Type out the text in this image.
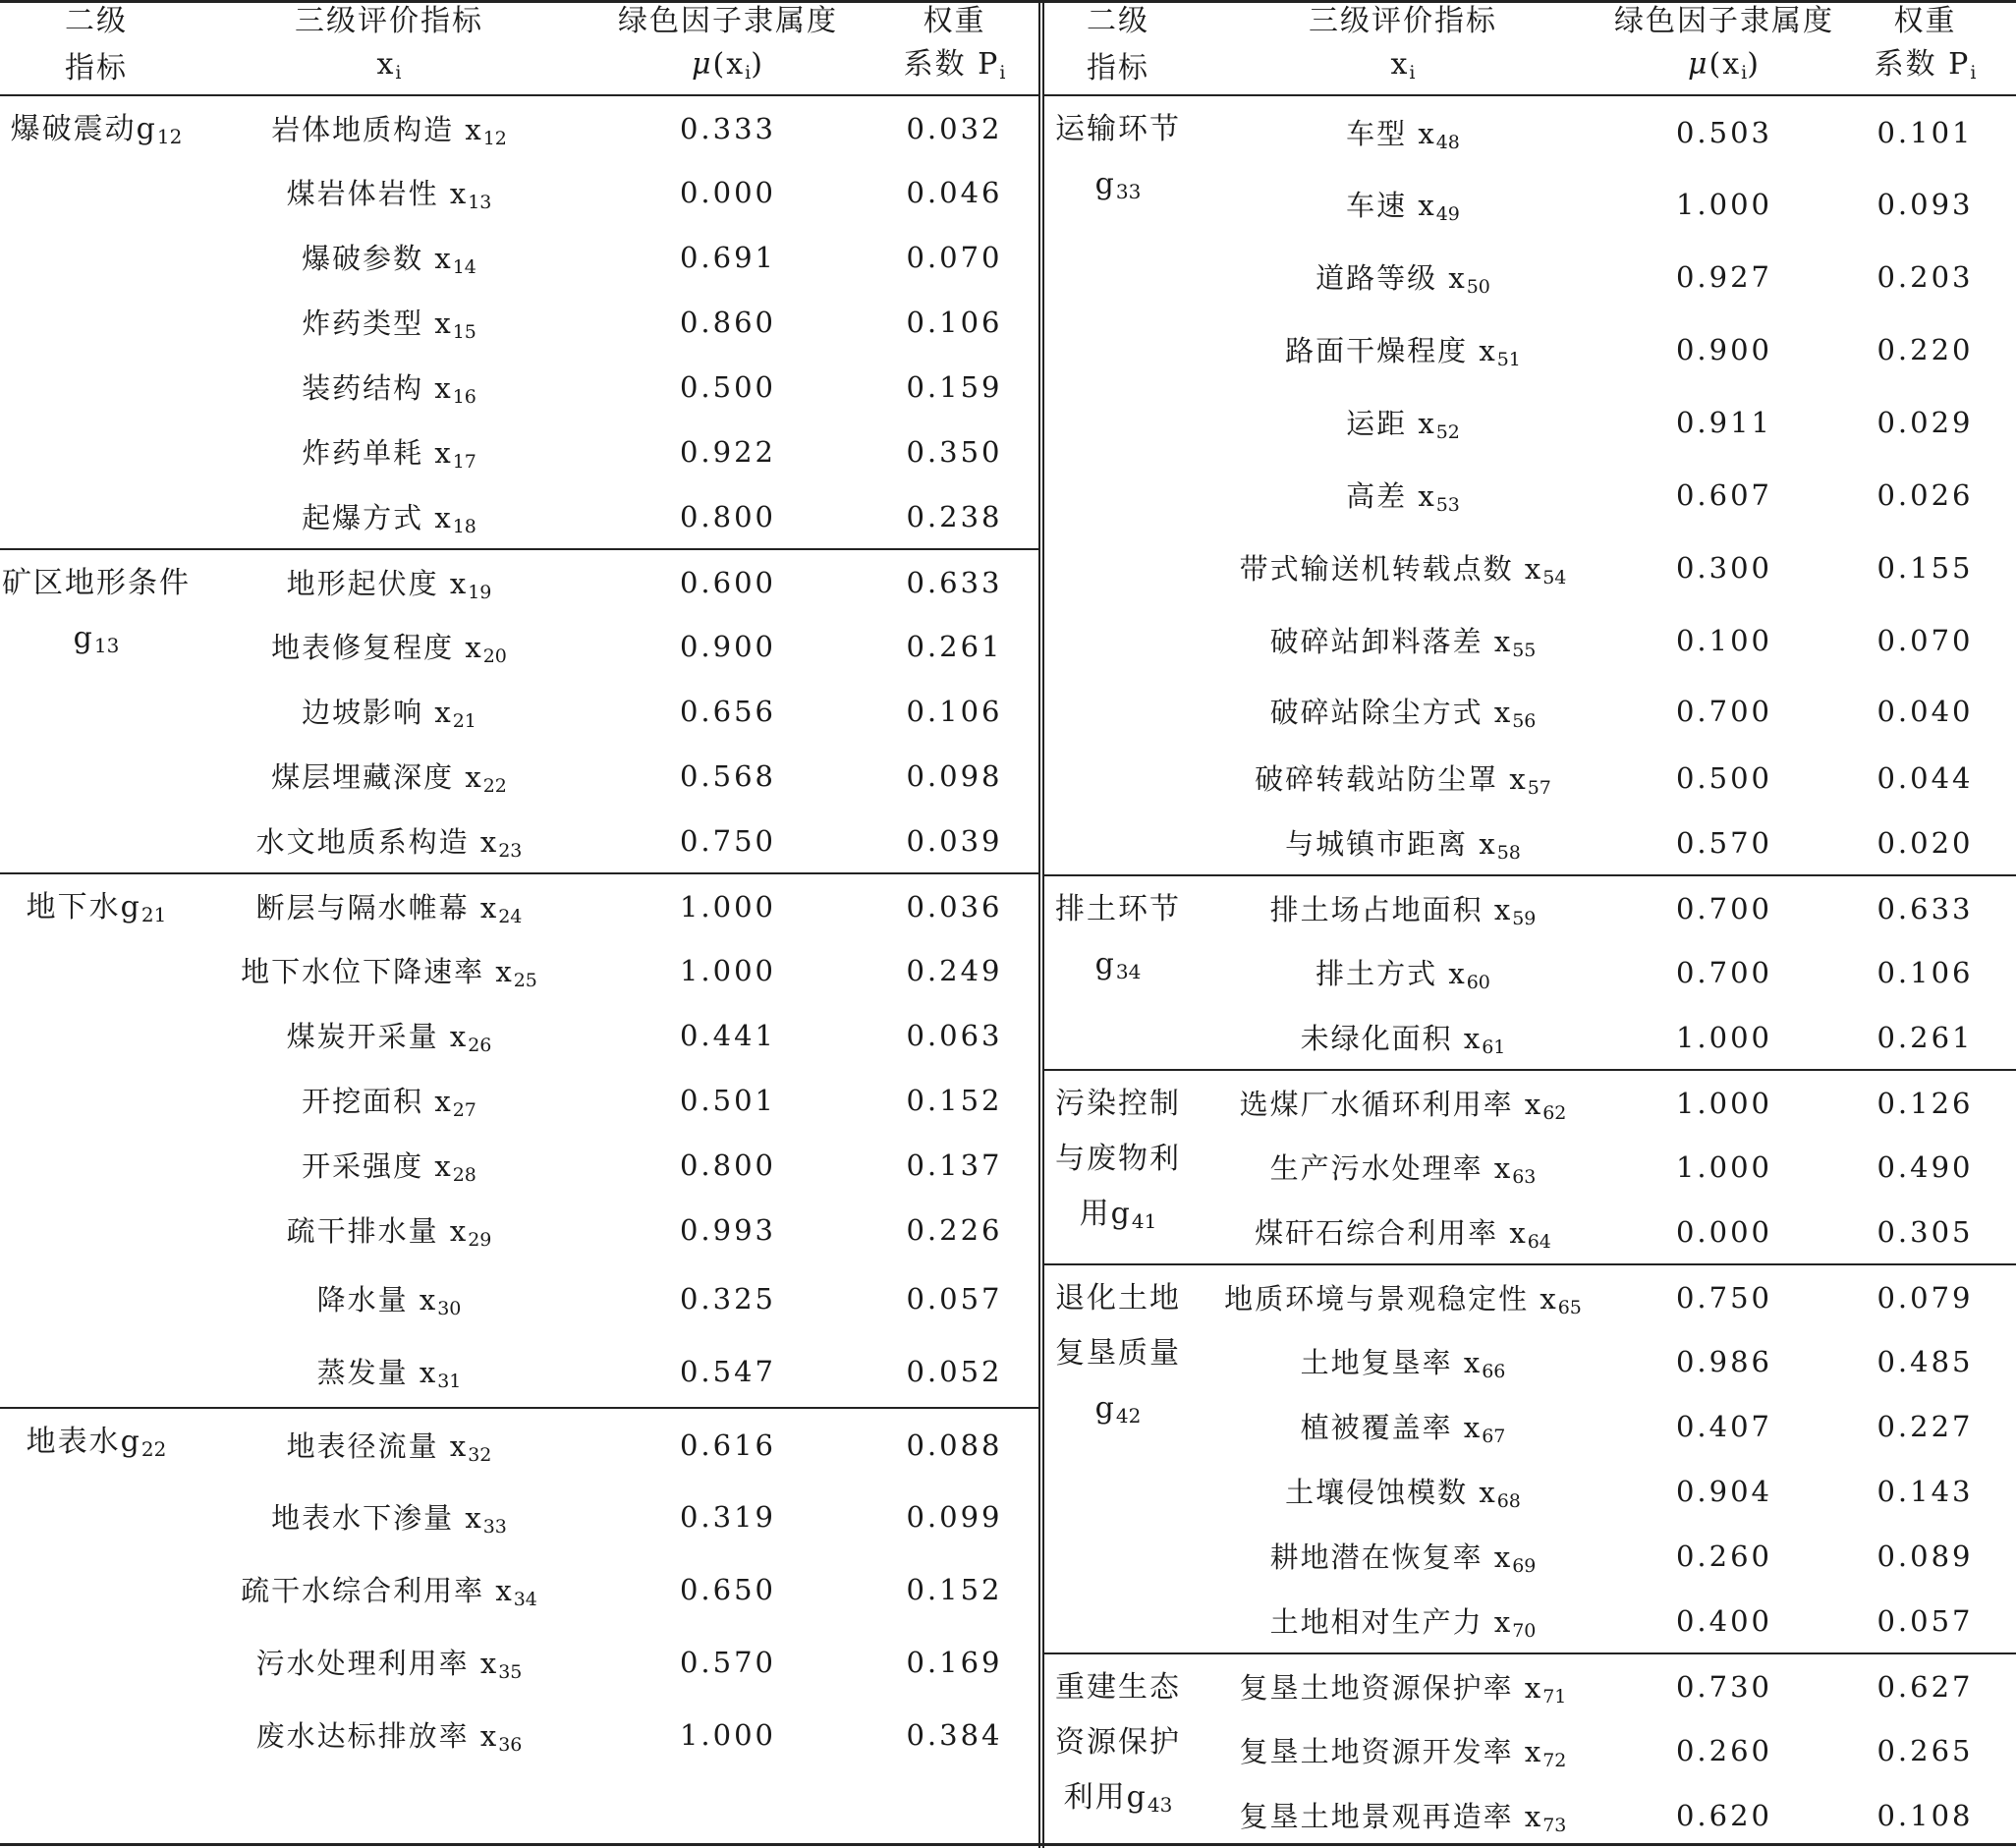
二级	三级评价指标	绿色因子隶属度	权重
指标	$x_i$	$\mu(x_i)$	系数 $P_i$
爆破震动$g_{12}$	岩体地质构造 $x_{12}$	0.333	0.032
	煤岩体岩性 $x_{13}$	0.000	0.046
	爆破参数 $x_{14}$	0.691	0.070
	炸药类型 $x_{15}$	0.860	0.106
	装药结构 $x_{16}$	0.500	0.159
	炸药单耗 $x_{17}$	0.922	0.350
	起爆方式 $x_{18}$	0.800	0.238
矿区地形条件$g_{13}$	地形起伏度 $x_{19}$	0.600	0.633
	地表修复程度 $x_{20}$	0.900	0.261
	边坡影响 $x_{21}$	0.656	0.106
	煤层埋藏深度 $x_{22}$	0.568	0.098
	水文地质系构造 $x_{23}$	0.750	0.039
地下水$g_{21}$	断层与隔水帷幕 $x_{24}$	1.000	0.036
	地下水位下降速率 $x_{25}$	1.000	0.249
	煤炭开采量 $x_{26}$	0.441	0.063
	开挖面积 $x_{27}$	0.501	0.152
	开采强度 $x_{28}$	0.800	0.137
	疏干排水量 $x_{29}$	0.993	0.226
	降水量 $x_{30}$	0.325	0.057
	蒸发量 $x_{31}$	0.547	0.052
地表水$g_{22}$	地表径流量 $x_{32}$	0.616	0.088
	地表水下渗量 $x_{33}$	0.319	0.099
	疏干水综合利用率 $x_{34}$	0.650	0.152
	污水处理利用率 $x_{35}$	0.570	0.169
	废水达标排放率 $x_{36}$	1.000	0.384
二级	三级评价指标	绿色因子隶属度	权重
指标	$x_i$	$\mu(x_i)$	系数 $P_i$
运输环节$g_{33}$	车型 $x_{48}$	0.503	0.101
	车速 $x_{49}$	1.000	0.093
	道路等级 $x_{50}$	0.927	0.203
	路面干燥程度 $x_{51}$	0.900	0.220
	运距 $x_{52}$	0.911	0.029
	高差 $x_{53}$	0.607	0.026
	带式输送机转载点数 $x_{54}$	0.300	0.155
	破碎站卸料落差 $x_{55}$	0.100	0.070
	破碎站除尘方式 $x_{56}$	0.700	0.040
	破碎转载站防尘罩 $x_{57}$	0.500	0.044
	与城镇市距离 $x_{58}$	0.570	0.020
排土环节$g_{34}$	排土场占地面积 $x_{59}$	0.700	0.633
	排土方式 $x_{60}$	0.700	0.106
	未绿化面积 $x_{61}$	1.000	0.261
污染控制与废物利用$g_{41}$	选煤厂水循环利用率 $x_{62}$	1.000	0.126
	生产污水处理率 $x_{63}$	1.000	0.490
	煤矸石综合利用率 $x_{64}$	0.000	0.305
退化土地复垦质量$g_{42}$	地质环境与景观稳定性 $x_{65}$	0.750	0.079
	土地复垦率 $x_{66}$	0.986	0.485
	植被覆盖率 $x_{67}$	0.407	0.227
	土壤侵蚀模数 $x_{68}$	0.904	0.143
	耕地潜在恢复率 $x_{69}$	0.260	0.089
	土地相对生产力 $x_{70}$	0.400	0.057
重建生态资源保护利用$g_{43}$	复垦土地资源保护率 $x_{71}$	0.730	0.627
	复垦土地资源开发率 $x_{72}$	0.260	0.265
	复垦土地景观再造率 $x_{73}$	0.620	0.108
